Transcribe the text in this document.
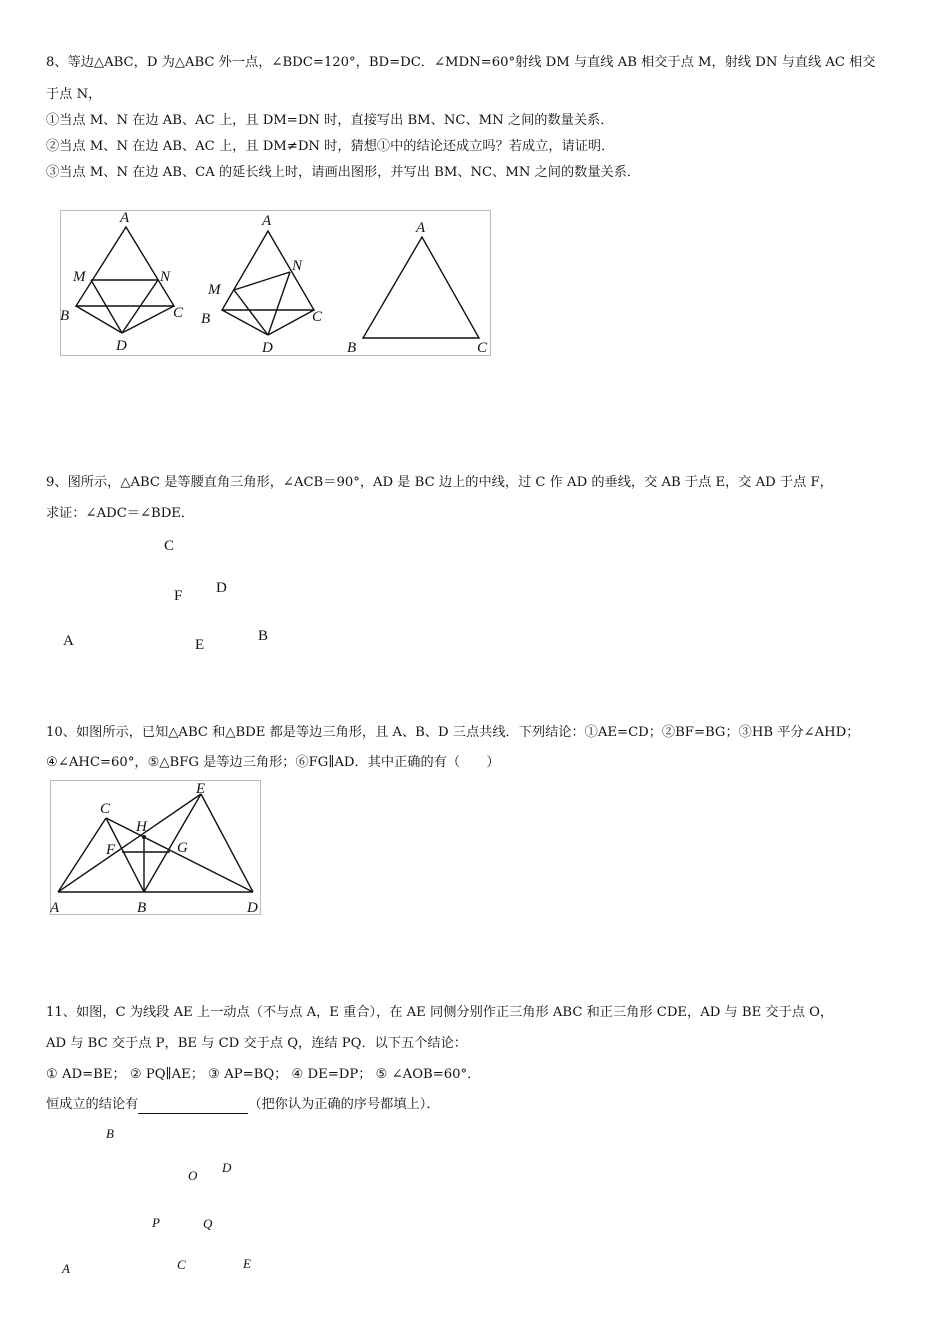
8、等边△ABC，D 为△ABC 外一点，∠BDC=120°，BD=DC．∠MDN=60°射线 DM 与直线 AB 相交于点 M，射线 DN 与直线 AC 相交
于点 N，
①当点 M、N 在边 AB、AC 上，且 DM=DN 时，直接写出 BM、NC、MN 之间的数量关系．
②当点 M、N 在边 AB、AC 上，且 DM≠DN 时，猜想①中的结论还成立吗？若成立，请证明．
③当点 M、N 在边 AB、CA 的延长线上时，请画出图形，并写出 BM、NC、MN 之间的数量关系．
A
M	N
B	C
D
A
M
N
B	C
D
A
B	C
9、图所示，△ABC 是等腰直角三角形，∠ACB＝90°，AD 是 BC 边上的中线，过 C 作 AD 的垂线，交 AB 于点 E，交 AD 于点 F，
求证：∠ADC＝∠BDE．
C
F D
A	E
B
10、如图所示，已知△ABC 和△BDE 都是等边三角形，且 A、B、D 三点共线．下列结论：①AE=CD；②BF=BG；③HB 平分∠AHD；
④∠AHC=60°，⑤△BFG 是等边三角形；⑥FG∥AD．其中正确的有（　　）
C
E
H
F	G
A	B	D
11、如图，C 为线段 AE 上一动点（不与点 A，E 重合），在 AE 同侧分别作正三角形 ABC 和正三角形 CDE，AD 与 BE 交于点 O，
AD 与 BC 交于点 P，BE 与 CD 交于点 Q，连结 PQ．以下五个结论：
① AD=BE； ② PQ∥AE； ③ AP=BQ； ④ DE=DP； ⑤ ∠AOB=60°．
恒成立的结论有	（把你认为正确的序号都填上）．
B
O
D
P	Q
A	C	E
